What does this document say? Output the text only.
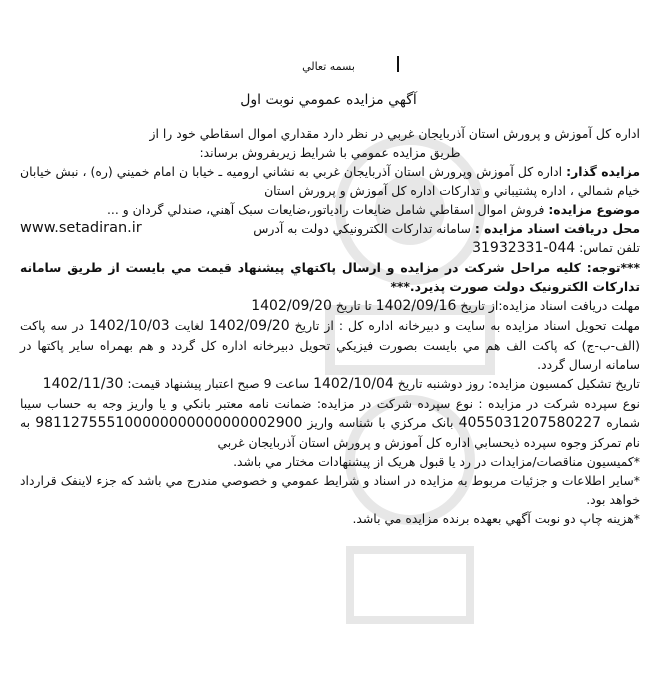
بسمه تعالي
آگهي مزايده عمومي نوبت اول

اداره کل آموزش و پرورش استان آذربایجان غربي در نظر دارد مقداري اموال اسقاطي خود را از

طريق مزايده عمومي با شرايط زيربفروش برساند:

مزايده گذار: اداره کل آموزش وپرورش استان آذربايجان غربي به نشاني اروميه ـ خيابا ن امام خميني (ره) ، نبش خيابان خيام شمالي ، اداره پشتيباني و تدارکات اداره کل آموزش و پرورش استان

موضوع مزايده: فروش اموال اسقاطي شامل ضايعات رادياتور،ضايعات سبک آهني، صندلي گردان و ...

محل دريافت اسناد مزايده : سامانه تدارکات الکترونيکي دولت به آدرس
www.setadiran.ir

تلفن تماس: 044-31932331

***توجه: کليه مراحل شرکت در مزايده و ارسال پاکتهاي پيشنهاد قيمت مي بايست از طريق سامانه تدارکات الکترونيک دولت صورت پذيرد.***

مهلت دريافت اسناد مزايده:از تاريخ 1402/09/16 تا تاريخ 1402/09/20

مهلت تحويل اسناد مزايده به سايت و دبيرخانه اداره کل : از تاريخ 1402/09/20 لغايت 1402/10/03 در سه پاکت (الف-ب-ج) که پاکت الف هم مي بايست بصورت فيزيکي تحويل دبيرخانه اداره کل گردد و هم بهمراه ساير پاکتها در سامانه ارسال گردد.

تاريخ تشکيل کمسيون مزايده: روز دوشنبه تاريخ 1402/10/04 ساعت 9 صبح اعتبار پيشنهاد قيمت: 1402/11/30

نوع سپرده شرکت در مزايده : نوع سپرده شرکت در مزايده: ضمانت نامه معتبر بانکي و يا واريز وجه به حساب سيبا شماره 4055031207580227 بانک مرکزي با شناسه واريز 981127555100000000000000002900 به نام تمرکز وجوه سپرده ذيحسابي اداره کل آموزش و پرورش استان آذربایجان غربي

*کميسيون مناقصات/مزايدات در رد يا قبول هريک از پيشنهادات مختار مي باشد.

*ساير اطلاعات و جزئيات مربوط به مزايده در اسناد و شرايط عمومي و خصوصي مندرج مي باشد که جزء لاينفک قرارداد خواهد بود.

*هزينه چاپ دو نوبت آگهي بعهده برنده مزايده مي باشد.
